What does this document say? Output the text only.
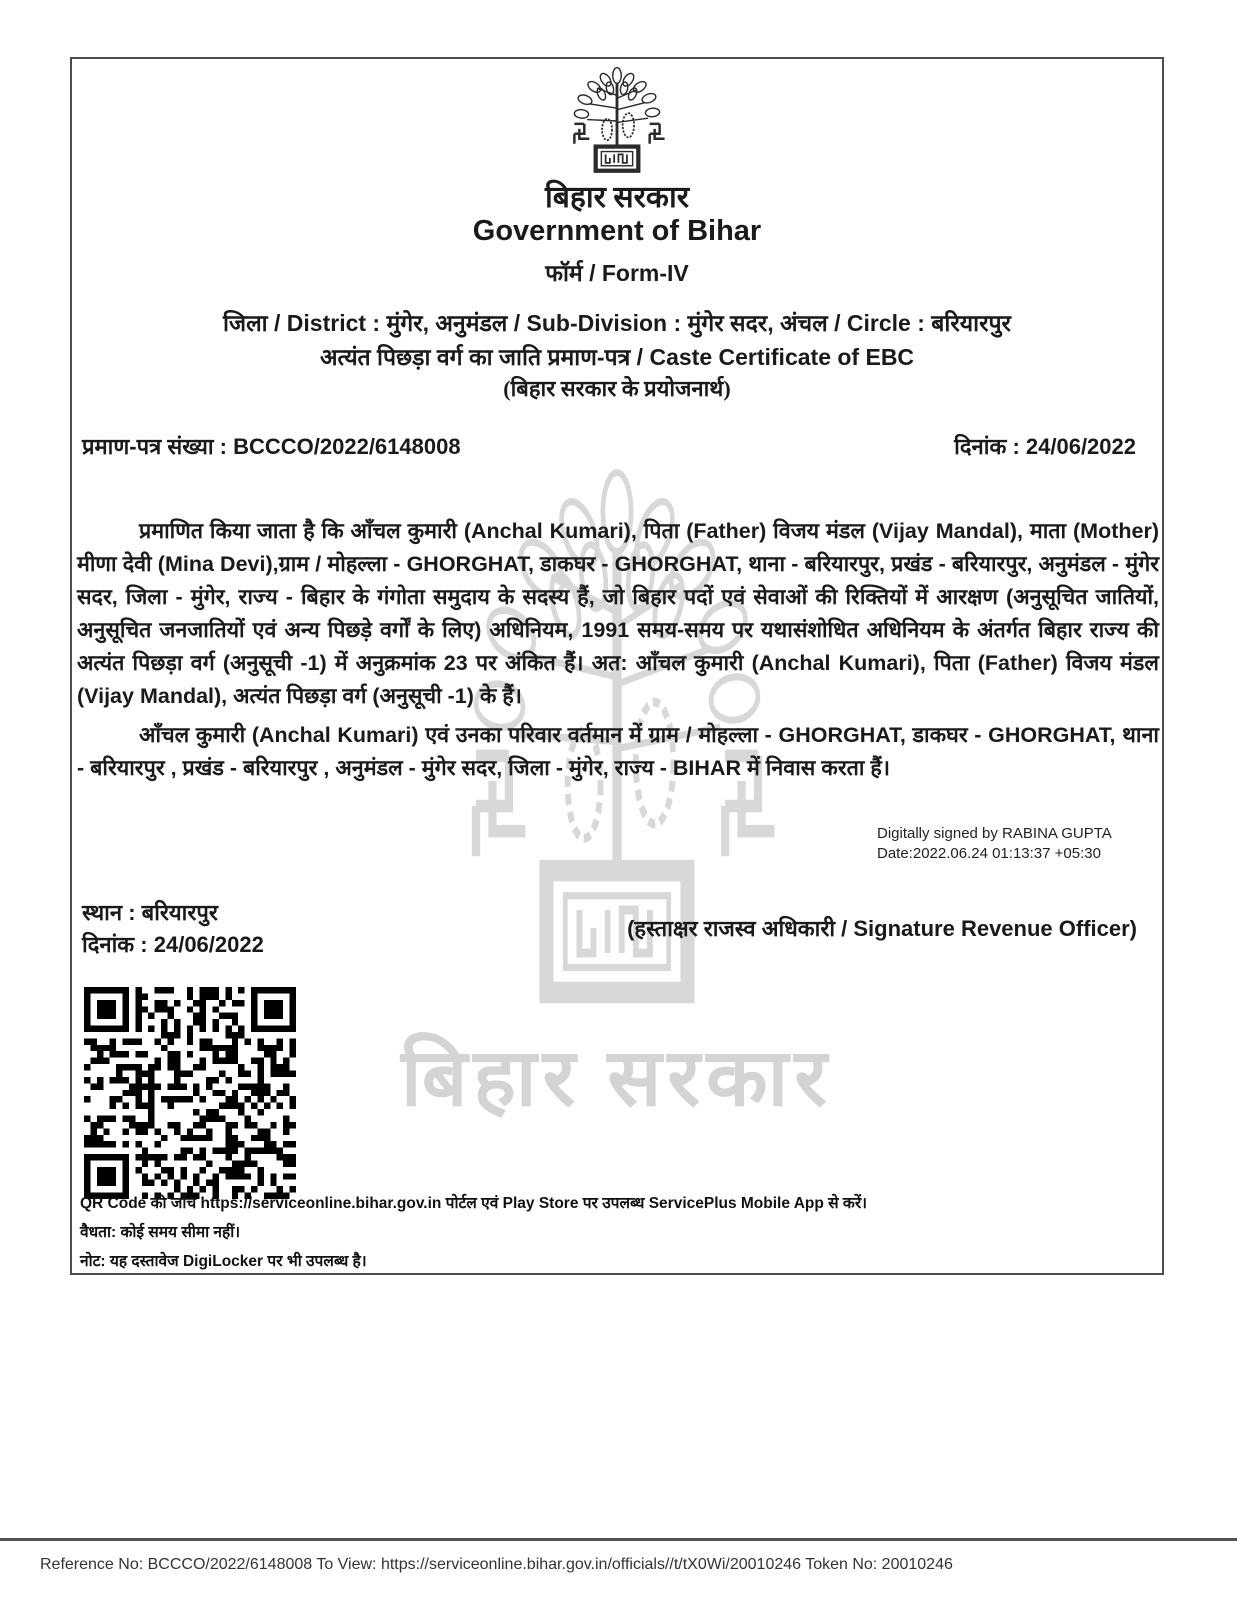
बिहार सरकार
बिहार सरकार
Government of Bihar
फॉर्म / Form-IV
जिला / District : मुंगेर, अनुमंडल / Sub-Division : मुंगेर सदर, अंचल / Circle : बरियारपुर
अत्यंत पिछड़ा वर्ग का जाति प्रमाण-पत्र / Caste Certificate of EBC
(बिहार सरकार के प्रयोजनार्थ)
प्रमाण-पत्र संख्या : BCCCO/2022/6148008	दिनांक : 24/06/2022
प्रमाणित किया जाता है कि आँचल कुमारी (Anchal Kumari), पिता (Father) विजय मंडल (Vijay Mandal), माता (Mother) मीणा देवी (Mina Devi),ग्राम / मोहल्ला - GHORGHAT, डाकघर - GHORGHAT, थाना - बरियारपुर, प्रखंड - बरियारपुर, अनुमंडल - मुंगेर सदर, जिला - मुंगेर, राज्य - बिहार के गंगोता समुदाय के सदस्य हैं, जो बिहार पदों एवं सेवाओं की रिक्तियों में आरक्षण (अनुसूचित जातियों, अनुसूचित जनजातियों एवं अन्य पिछड़े वर्गों के लिए) अधिनियम, 1991 समय-समय पर यथासंशोधित अधिनियम के अंतर्गत बिहार राज्य की अत्यंत पिछड़ा वर्ग (अनुसूची -1) में अनुक्रमांक 23 पर अंकित हैं। अत: आँचल कुमारी (Anchal Kumari), पिता (Father) विजय मंडल (Vijay Mandal), अत्यंत पिछड़ा वर्ग (अनुसूची -1) के हैं।
आँचल कुमारी (Anchal Kumari) एवं उनका परिवार वर्तमान में ग्राम / मोहल्ला - GHORGHAT, डाकघर - GHORGHAT, थाना - बरियारपुर , प्रखंड - बरियारपुर , अनुमंडल - मुंगेर सदर, जिला - मुंगेर, राज्य - BIHAR में निवास करता हैं।
Digitally signed by RABINA GUPTA
Date:2022.06.24 01:13:37 +05:30
स्थान : बरियारपुर
दिनांक : 24/06/2022
(हस्ताक्षर राजस्व अधिकारी / Signature Revenue Officer)
QR Code की जाँच https://serviceonline.bihar.gov.in पोर्टल एवं Play Store पर उपलब्ध ServicePlus Mobile App से करें।
वैधता: कोई समय सीमा नहीं।
नोट: यह दस्तावेज DigiLocker पर भी उपलब्ध है।
Reference No: BCCCO/2022/6148008 To View: https://serviceonline.bihar.gov.in/officials//t/tX0Wi/20010246 Token No: 20010246
